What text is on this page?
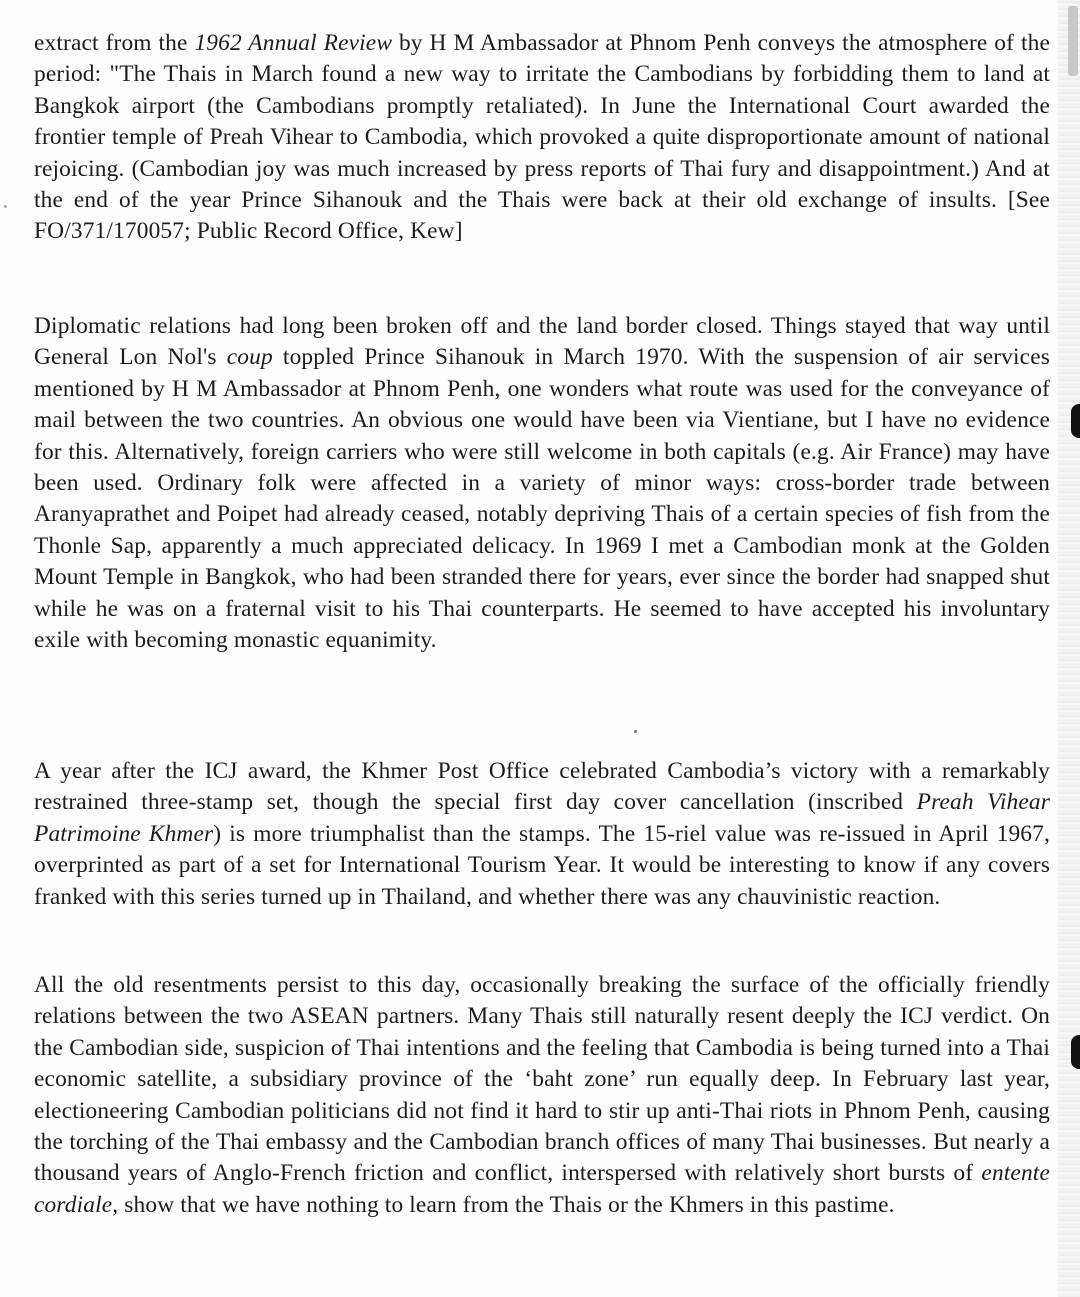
extract from the 1962 Annual Review by H M Ambassador at Phnom Penh conveys the atmosphere of the period: "The Thais in March found a new way to irritate the Cambodians by forbidding them to land at Bangkok airport (the Cambodians promptly retaliated). In June the International Court awarded the frontier temple of Preah Vihear to Cambodia, which provoked a quite disproportionate amount of national rejoicing. (Cambodian joy was much increased by press reports of Thai fury and disappointment.) And at the end of the year Prince Sihanouk and the Thais were back at their old exchange of insults. [See FO/371/170057; Public Record Office, Kew]

Diplomatic relations had long been broken off and the land border closed. Things stayed that way until General Lon Nol's coup toppled Prince Sihanouk in March 1970. With the suspension of air services mentioned by H M Ambassador at Phnom Penh, one wonders what route was used for the conveyance of mail between the two countries. An obvious one would have been via Vientiane, but I have no evidence for this. Alternatively, foreign carriers who were still welcome in both capitals (e.g. Air France) may have been used. Ordinary folk were affected in a variety of minor ways: cross-border trade between Aranyaprathet and Poipet had already ceased, notably depriving Thais of a certain species of fish from the Thonle Sap, apparently a much appreciated delicacy. In 1969 I met a Cambodian monk at the Golden Mount Temple in Bangkok, who had been stranded there for years, ever since the border had snapped shut while he was on a fraternal visit to his Thai counterparts. He seemed to have accepted his involuntary exile with becoming monastic equanimity.

A year after the ICJ award, the Khmer Post Office celebrated Cambodia’s victory with a remarkably restrained three-stamp set, though the special first day cover cancellation (inscribed Preah Vihear Patrimoine Khmer) is more triumphalist than the stamps. The 15-riel value was re-issued in April 1967, overprinted as part of a set for International Tourism Year. It would be interesting to know if any covers franked with this series turned up in Thailand, and whether there was any chauvinistic reaction.

All the old resentments persist to this day, occasionally breaking the surface of the officially friendly relations between the two ASEAN partners. Many Thais still naturally resent deeply the ICJ verdict. On the Cambodian side, suspicion of Thai intentions and the feeling that Cambodia is being turned into a Thai economic satellite, a subsidiary province of the ‘baht zone’ run equally deep. In February last year, electioneering Cambodian politicians did not find it hard to stir up anti-Thai riots in Phnom Penh, causing the torching of the Thai embassy and the Cambodian branch offices of many Thai businesses. But nearly a thousand years of Anglo-French friction and conflict, interspersed with relatively short bursts of entente cordiale, show that we have nothing to learn from the Thais or the Khmers in this pastime.
